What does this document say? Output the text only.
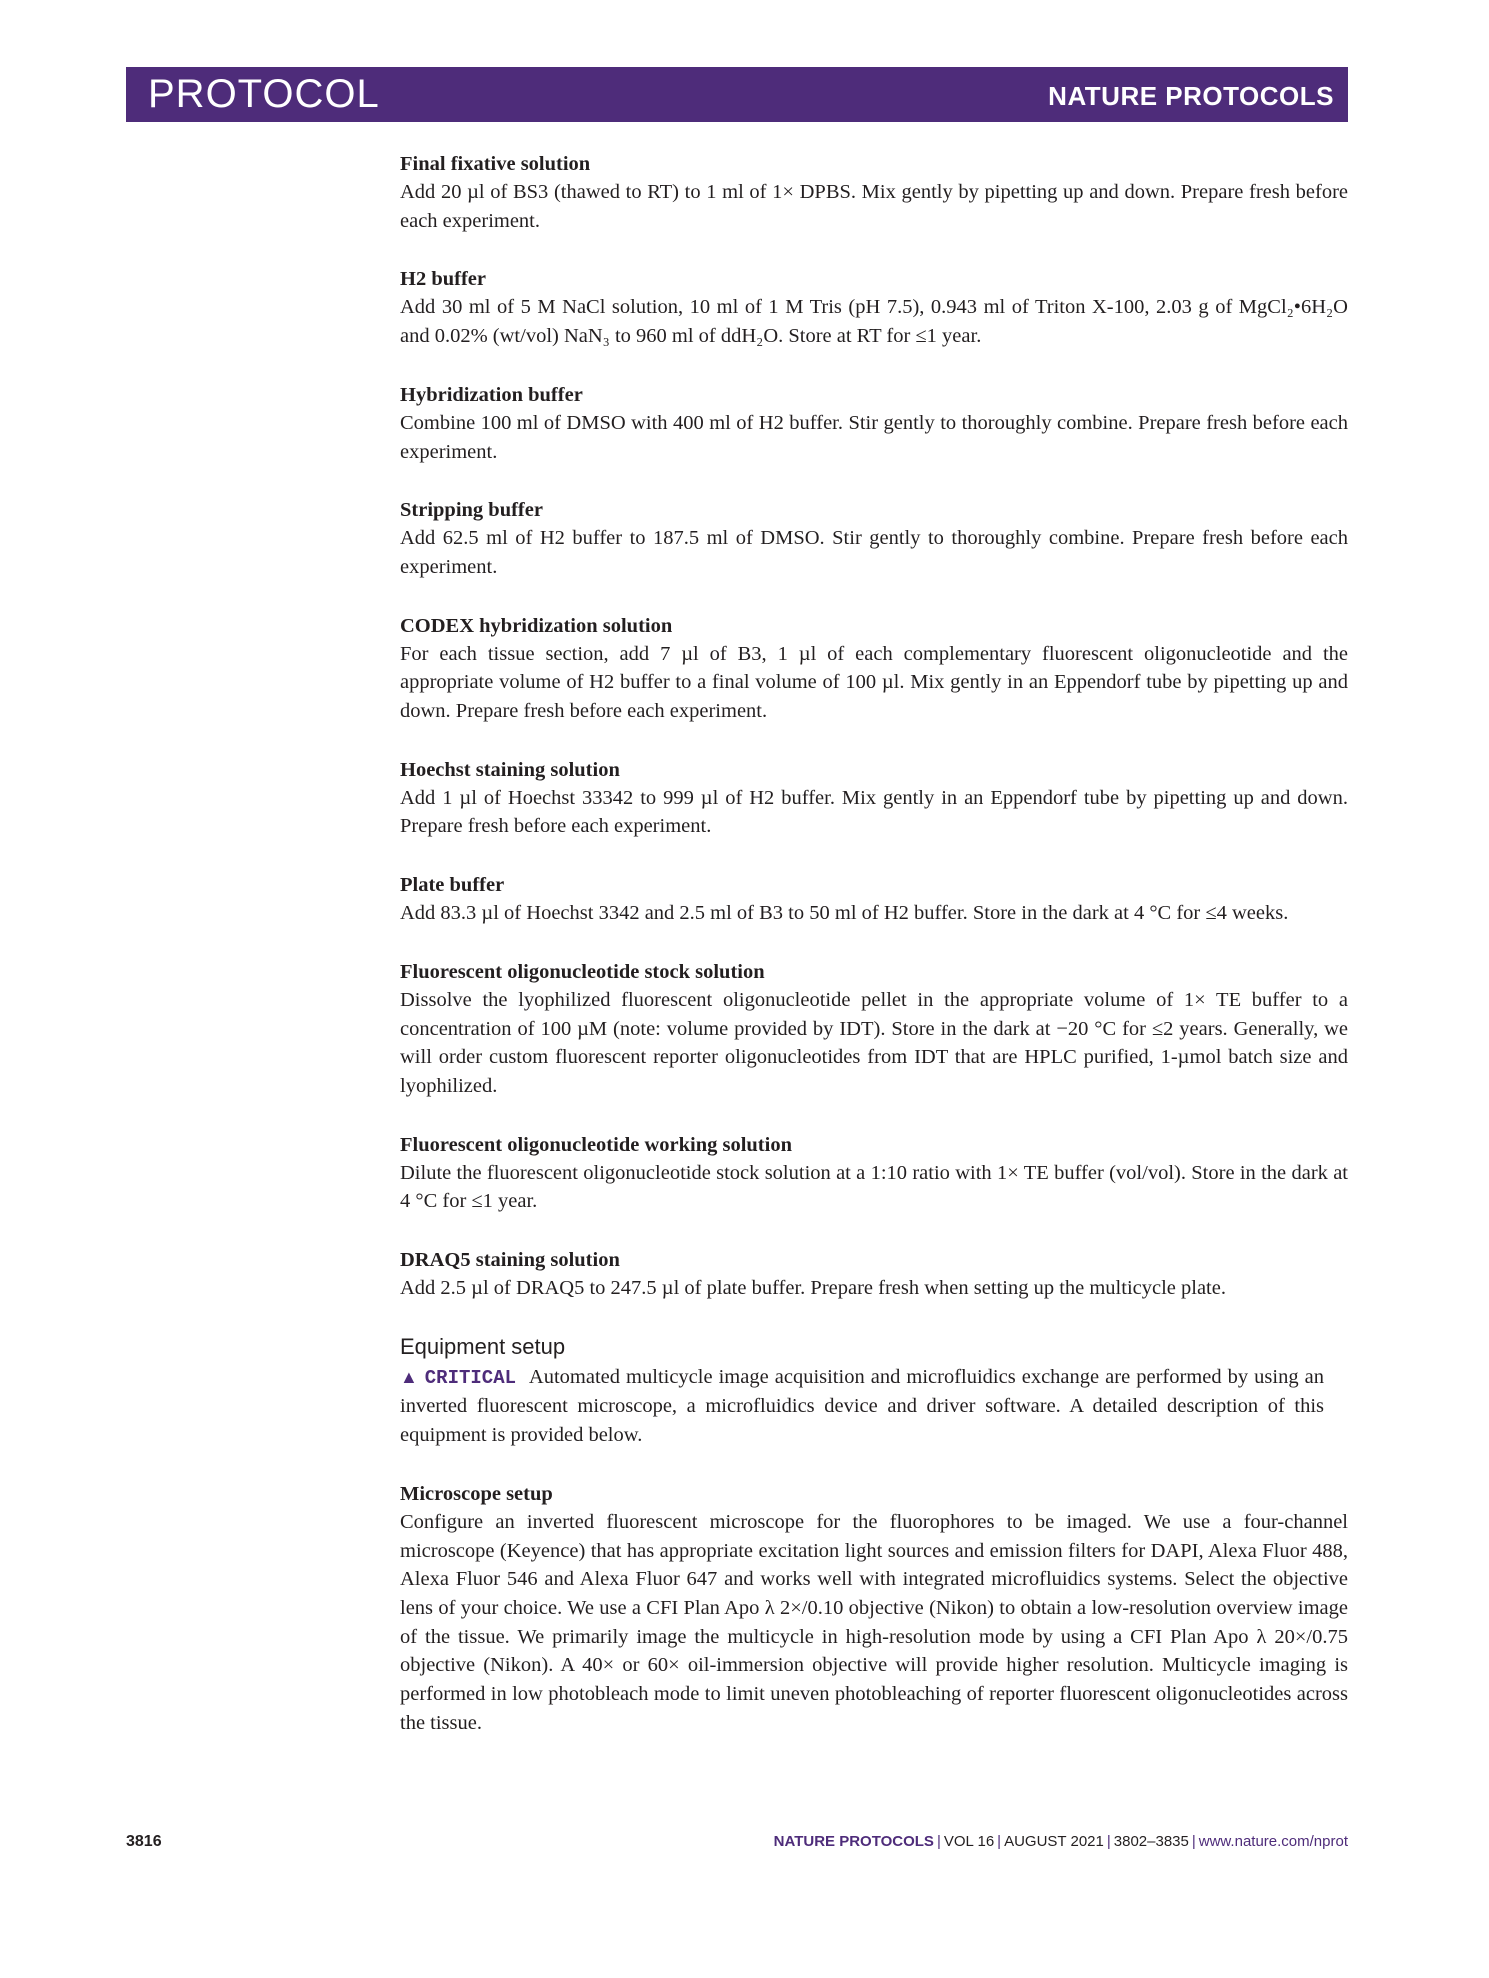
PROTOCOL	NATURE PROTOCOLS

Final fixative solution

Add 20 µl of BS3 (thawed to RT) to 1 ml of 1× DPBS. Mix gently by pipetting up and down. Prepare fresh before each experiment.

H2 buffer

Add 30 ml of 5 M NaCl solution, 10 ml of 1 M Tris (pH 7.5), 0.943 ml of Triton X-100, 2.03 g of MgCl₂•6H₂O and 0.02% (wt/vol) NaN₃ to 960 ml of ddH₂O. Store at RT for ≤1 year.

Hybridization buffer

Combine 100 ml of DMSO with 400 ml of H2 buffer. Stir gently to thoroughly combine. Prepare fresh before each experiment.

Stripping buffer

Add 62.5 ml of H2 buffer to 187.5 ml of DMSO. Stir gently to thoroughly combine. Prepare fresh before each experiment.

CODEX hybridization solution

For each tissue section, add 7 µl of B3, 1 µl of each complementary fluorescent oligonucleotide and the appropriate volume of H2 buffer to a final volume of 100 µl. Mix gently in an Eppendorf tube by pipetting up and down. Prepare fresh before each experiment.

Hoechst staining solution

Add 1 µl of Hoechst 33342 to 999 µl of H2 buffer. Mix gently in an Eppendorf tube by pipetting up and down. Prepare fresh before each experiment.

Plate buffer

Add 83.3 µl of Hoechst 3342 and 2.5 ml of B3 to 50 ml of H2 buffer. Store in the dark at 4 °C for ≤4 weeks.

Fluorescent oligonucleotide stock solution

Dissolve the lyophilized fluorescent oligonucleotide pellet in the appropriate volume of 1× TE buffer to a concentration of 100 µM (note: volume provided by IDT). Store in the dark at −20 °C for ≤2 years. Generally, we will order custom fluorescent reporter oligonucleotides from IDT that are HPLC purified, 1-µmol batch size and lyophilized.

Fluorescent oligonucleotide working solution

Dilute the fluorescent oligonucleotide stock solution at a 1:10 ratio with 1× TE buffer (vol/vol). Store in the dark at 4 °C for ≤1 year.

DRAQ5 staining solution

Add 2.5 µl of DRAQ5 to 247.5 µl of plate buffer. Prepare fresh when setting up the multicycle plate.

Equipment setup

▲ CRITICAL Automated multicycle image acquisition and microfluidics exchange are performed by using an inverted fluorescent microscope, a microfluidics device and driver software. A detailed description of this equipment is provided below.

Microscope setup

Configure an inverted fluorescent microscope for the fluorophores to be imaged. We use a four-channel microscope (Keyence) that has appropriate excitation light sources and emission filters for DAPI, Alexa Fluor 488, Alexa Fluor 546 and Alexa Fluor 647 and works well with integrated microfluidics systems. Select the objective lens of your choice. We use a CFI Plan Apo λ 2×/0.10 objective (Nikon) to obtain a low-resolution overview image of the tissue. We primarily image the multicycle in high-resolution mode by using a CFI Plan Apo λ 20×/0.75 objective (Nikon). A 40× or 60× oil-immersion objective will provide higher resolution. Multicycle imaging is performed in low photobleach mode to limit uneven photobleaching of reporter fluorescent oligonucleotides across the tissue.

3816	NATURE PROTOCOLS | VOL 16 | AUGUST 2021 | 3802–3835 | www.nature.com/nprot
